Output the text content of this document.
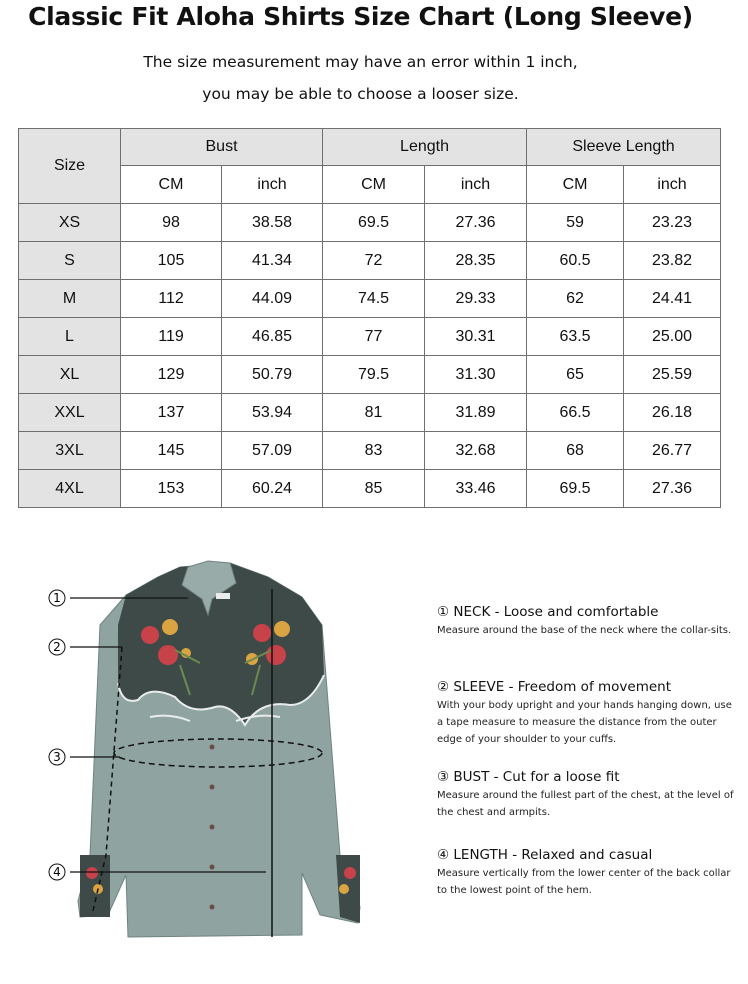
Classic Fit Aloha Shirts Size Chart (Long Sleeve)
The size measurement may have an error within 1 inch,
you may be able to choose a looser size.
Size	Bust		Length		Sleeve Length	
	CM	inch	CM	inch	CM	inch
XS	98	38.58	69.5	27.36	59	23.23
S	105	41.34	72	28.35	60.5	23.82
M	112	44.09	74.5	29.33	62	24.41
L	119	46.85	77	30.31	63.5	25.00
XL	129	50.79	79.5	31.30	65	25.59
XXL	137	53.94	81	31.89	66.5	26.18
3XL	145	57.09	83	32.68	68	26.77
4XL	153	60.24	85	33.46	69.5	27.36
1
2
3
4
① NECK - Loose and comfortable
Measure around the base of the neck where the collar-sits.
② SLEEVE - Freedom of movement
With your body upright and your hands hanging down, use a tape measure to measure the distance from the outer edge of your shoulder to your cuffs.
③ BUST - Cut for a loose fit
Measure around the fullest part of the chest, at the level of the chest and armpits.
④ LENGTH - Relaxed and casual
Measure vertically from the lower center of the back collar to the lowest point of the hem.
